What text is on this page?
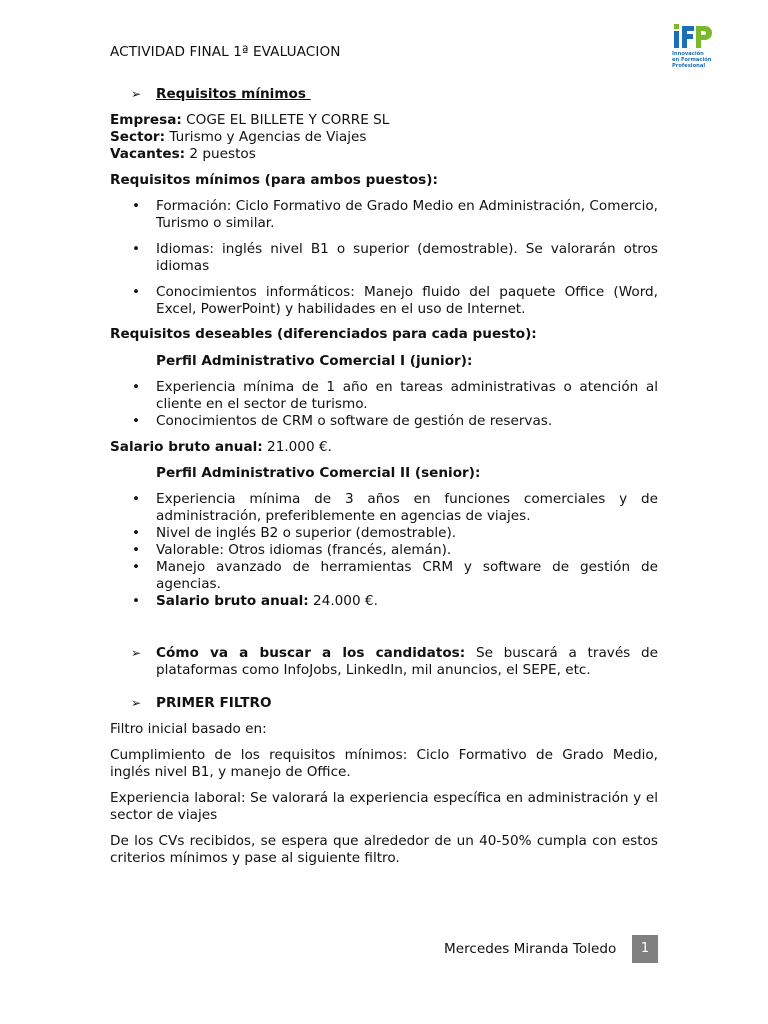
ACTIVIDAD FINAL 1ª EVALUACION	Innovación
en Formación
Profesional

➢ Requisitos mínimos

Empresa: COGE EL BILLETE Y CORRE SL

Sector: Turismo y Agencias de Viajes

Vacantes: 2 puestos

Requisitos mínimos (para ambos puestos):

• Formación: Ciclo Formativo de Grado Medio en Administración, Comercio, Turismo o similar.
• Idiomas: inglés nivel B1 o superior (demostrable). Se valorarán otros idiomas
• Conocimientos informáticos: Manejo fluido del paquete Office (Word, Excel, PowerPoint) y habilidades en el uso de Internet.

Requisitos deseables (diferenciados para cada puesto):

Perfil Administrativo Comercial I (junior):

• Experiencia mínima de 1 año en tareas administrativas o atención al cliente en el sector de turismo.
• Conocimientos de CRM o software de gestión de reservas.

Salario bruto anual: 21.000 €.

Perfil Administrativo Comercial II (senior):

• Experiencia mínima de 3 años en funciones comerciales y de administración, preferiblemente en agencias de viajes.
• Nivel de inglés B2 o superior (demostrable).
• Valorable: Otros idiomas (francés, alemán).
• Manejo avanzado de herramientas CRM y software de gestión de agencias.
• Salario bruto anual: 24.000 €.

➢ Cómo va a buscar a los candidatos: Se buscará a través de plataformas como InfoJobs, LinkedIn, mil anuncios, el SEPE, etc.

➢ PRIMER FILTRO

Filtro inicial basado en:

Cumplimiento de los requisitos mínimos: Ciclo Formativo de Grado Medio, inglés nivel B1, y manejo de Office.

Experiencia laboral: Se valorará la experiencia específica en administración y el sector de viajes

De los CVs recibidos, se espera que alrededor de un 40-50% cumpla con estos criterios mínimos y pase al siguiente filtro.

Mercedes Miranda Toledo	1
